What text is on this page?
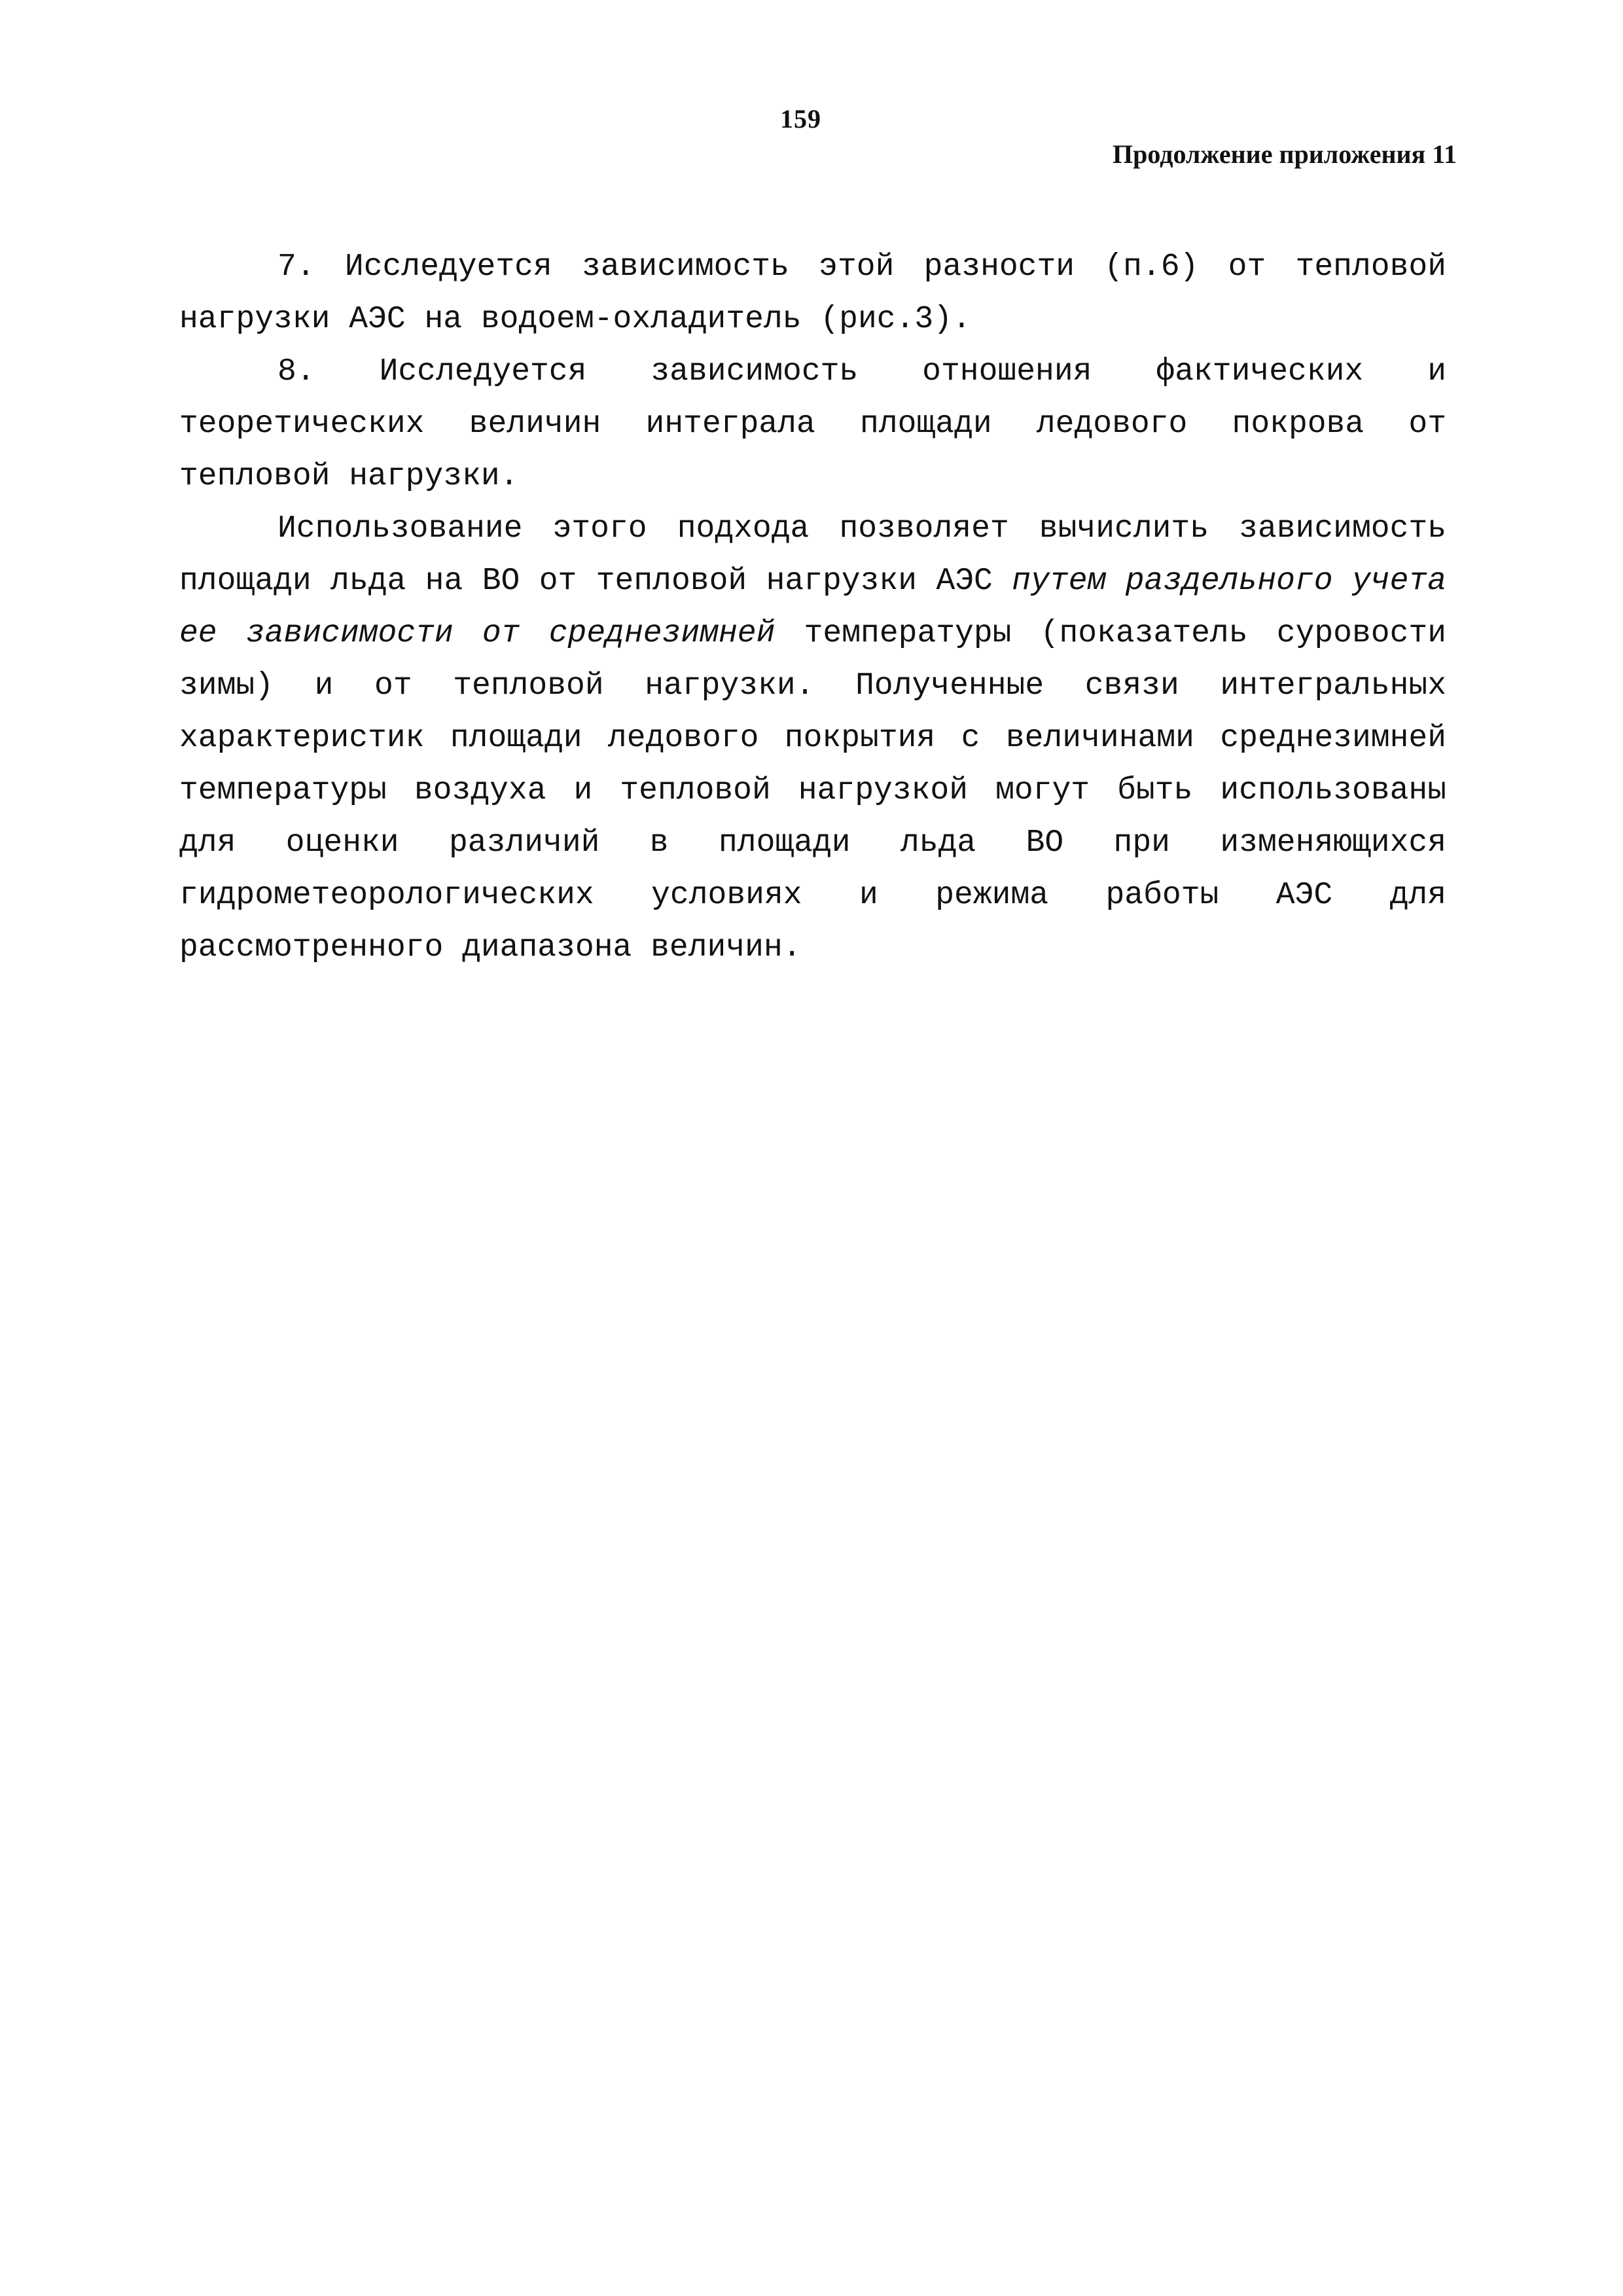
159
Продолжение приложения 11

7. Исследуется зависимость этой разности (п.6) от тепловой нагрузки АЭС на водоем-охладитель (рис.3).

8. Исследуется зависимость отношения фактических и теоретических величин интеграла площади ледового покрова от тепловой нагрузки.

Использование этого подхода позволяет вычислить зависимость площади льда на ВО от тепловой нагрузки АЭС путем раздельного учета ее зависимости от среднезимней температуры (показатель суровости зимы) и от тепловой нагрузки. Полученные связи интегральных характеристик площади ледового покрытия с величинами среднезимней температуры воздуха и тепловой нагрузкой могут быть использованы для оценки различий в площади льда ВО при изменяющихся гидрометеорологических условиях и режима работы АЭС для рассмотренного диапазона величин.
